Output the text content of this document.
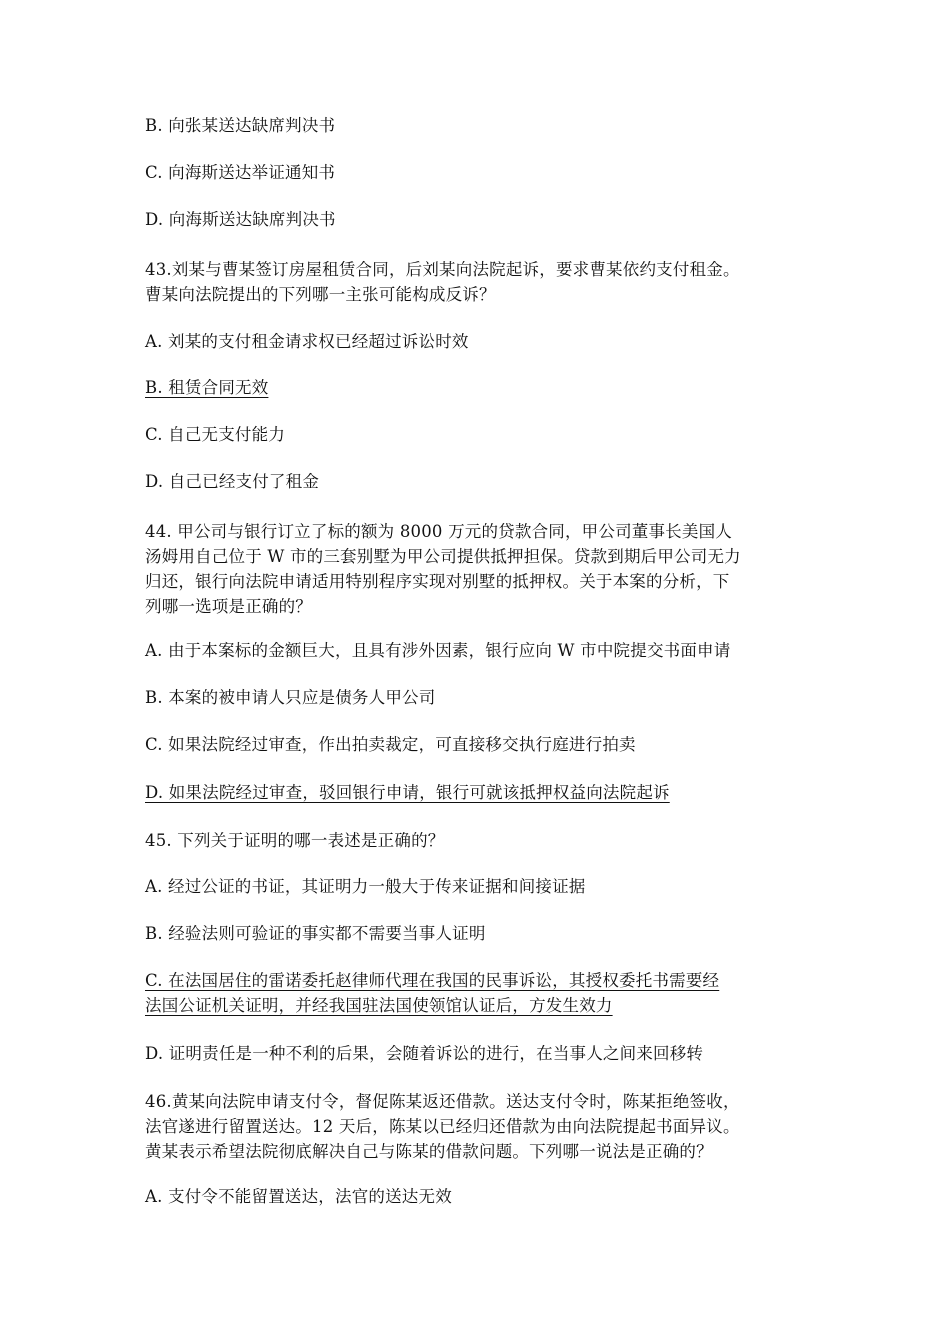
B. 向张某送达缺席判决书
C. 向海斯送达举证通知书
D. 向海斯送达缺席判决书
43.刘某与曹某签订房屋租赁合同，后刘某向法院起诉，要求曹某依约支付租金。
曹某向法院提出的下列哪一主张可能构成反诉？
A. 刘某的支付租金请求权已经超过诉讼时效
B. 租赁合同无效
C. 自己无支付能力
D. 自己已经支付了租金
44. 甲公司与银行订立了标的额为 8000 万元的贷款合同，甲公司董事长美国人
汤姆用自己位于 W 市的三套别墅为甲公司提供抵押担保。贷款到期后甲公司无力
归还，银行向法院申请适用特别程序实现对别墅的抵押权。关于本案的分析，下
列哪一选项是正确的？
A. 由于本案标的金额巨大，且具有涉外因素，银行应向 W 市中院提交书面申请
B. 本案的被申请人只应是债务人甲公司
C. 如果法院经过审查，作出拍卖裁定，可直接移交执行庭进行拍卖
D. 如果法院经过审查，驳回银行申请，银行可就该抵押权益向法院起诉
45. 下列关于证明的哪一表述是正确的？
A. 经过公证的书证，其证明力一般大于传来证据和间接证据
B. 经验法则可验证的事实都不需要当事人证明
C. 在法国居住的雷诺委托赵律师代理在我国的民事诉讼，其授权委托书需要经
法国公证机关证明，并经我国驻法国使领馆认证后，方发生效力
D. 证明责任是一种不利的后果，会随着诉讼的进行，在当事人之间来回移转
46.黄某向法院申请支付令，督促陈某返还借款。送达支付令时，陈某拒绝签收，
法官遂进行留置送达。12 天后，陈某以已经归还借款为由向法院提起书面异议。
黄某表示希望法院彻底解决自己与陈某的借款问题。下列哪一说法是正确的？
A. 支付令不能留置送达，法官的送达无效
